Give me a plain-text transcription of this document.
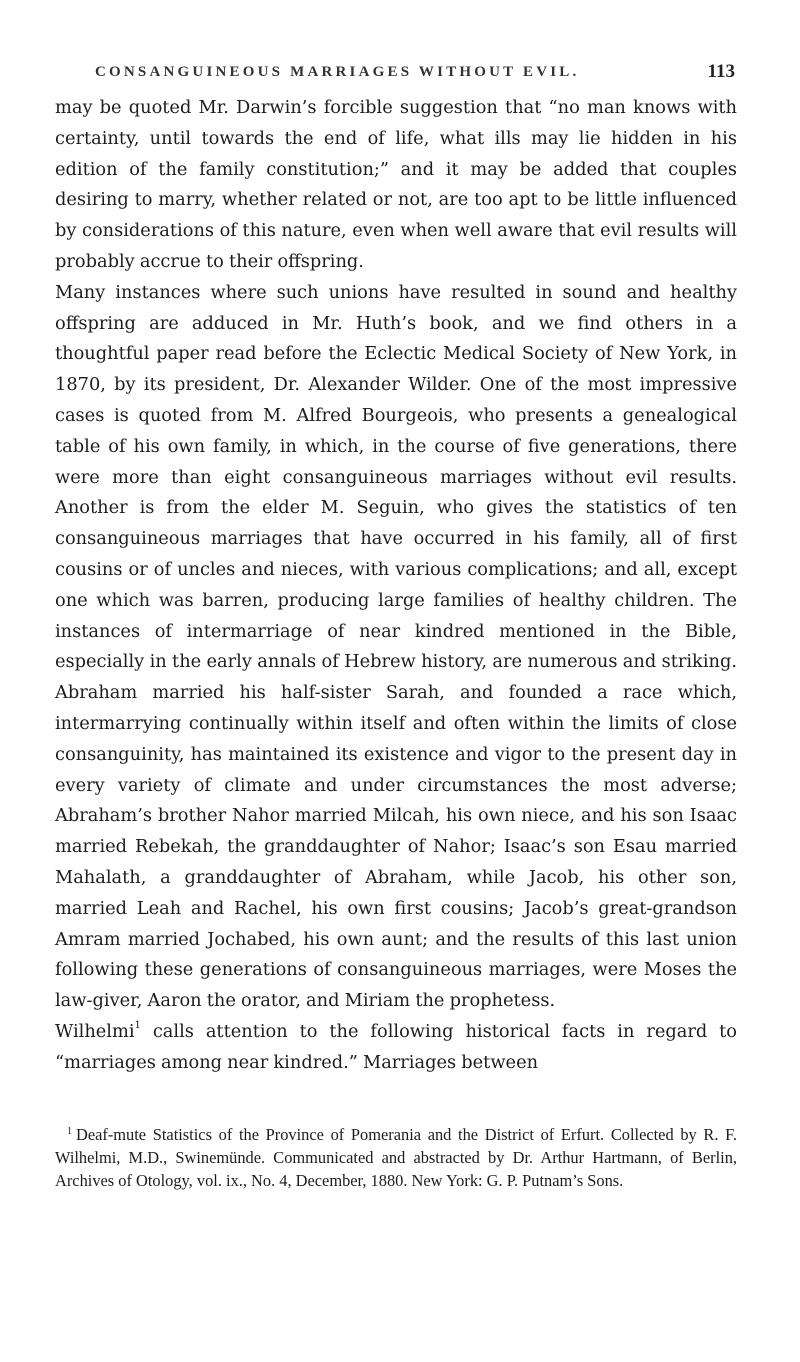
CONSANGUINEOUS MARRIAGES WITHOUT EVIL.	113

may be quoted Mr. Darwin’s forcible suggestion that “no man knows with certainty, until towards the end of life, what ills may lie hidden in his edition of the family constitution;” and it may be added that couples desiring to marry, whether related or not, are too apt to be little influenced by considerations of this nature, even when well aware that evil results will probably accrue to their offspring.

Many instances where such unions have resulted in sound and healthy offspring are adduced in Mr. Huth’s book, and we find others in a thoughtful paper read before the Eclectic Medical Society of New York, in 1870, by its president, Dr. Alexander Wilder. One of the most impressive cases is quoted from M. Alfred Bourgeois, who presents a genealogical table of his own family, in which, in the course of five generations, there were more than eight consanguineous marriages without evil results. Another is from the elder M. Seguin, who gives the statistics of ten consanguineous marriages that have occurred in his family, all of first cousins or of uncles and nieces, with various complications; and all, except one which was barren, producing large families of healthy children. The instances of intermarriage of near kindred mentioned in the Bible, especially in the early annals of Hebrew history, are numerous and striking. Abraham married his half-sister Sarah, and founded a race which, intermarrying continually within itself and often within the limits of close consanguinity, has maintained its existence and vigor to the present day in every variety of climate and under circumstances the most adverse; Abraham’s brother Nahor married Milcah, his own niece, and his son Isaac married Rebekah, the granddaughter of Nahor; Isaac’s son Esau married Mahalath, a granddaughter of Abraham, while Jacob, his other son, married Leah and Rachel, his own first cousins; Jacob’s great-grandson Amram married Jochabed, his own aunt; and the results of this last union following these generations of consanguineous marriages, were Moses the law-giver, Aaron the orator, and Miriam the prophetess.

Wilhelmi$^1$ calls attention to the following historical facts in regard to “marriages among near kindred.” Marriages between

$^1$ Deaf-mute Statistics of the Province of Pomerania and the District of Erfurt. Collected by R. F. Wilhelmi, M.D., Swinemünde. Communicated and abstracted by Dr. Arthur Hartmann, of Berlin, Archives of Otology, vol. ix., No. 4, December, 1880. New York: G. P. Putnam’s Sons.
